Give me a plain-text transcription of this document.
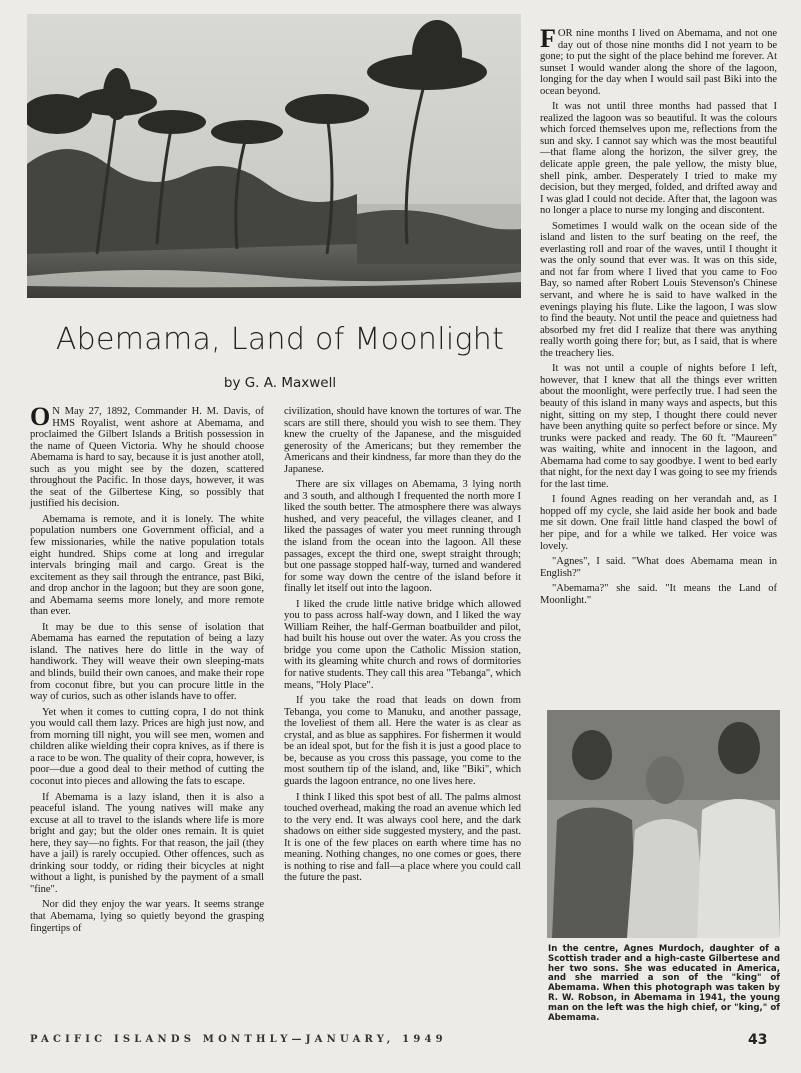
Abemama, Land of Moonlight
by G. A. Maxwell

O N May 27, 1892, Commander H. M. Davis, of HMS Royalist, went ashore at Abemama, and proclaimed the Gilbert Islands a British possession in the name of Queen Victoria. Why he should choose Abemama is hard to say, because it is just another atoll, such as you might see by the dozen, scattered throughout the Pacific. In those days, however, it was the seat of the Gilbertese King, so possibly that justified his decision.

Abemama is remote, and it is lonely. The white population numbers one Government official, and a few missionaries, while the native population totals eight hundred. Ships come at long and irregular intervals bringing mail and cargo. Great is the excitement as they sail through the entrance, past Biki, and drop anchor in the lagoon; but they are soon gone, and Abemama seems more lonely, and more remote than ever.

It may be due to this sense of isolation that Abemama has earned the reputation of being a lazy island. The natives here do little in the way of handiwork. They will weave their own sleeping-mats and blinds, build their own canoes, and make their rope from coconut fibre, but you can procure little in the way of curios, such as other islands have to offer.

Yet when it comes to cutting copra, I do not think you would call them lazy. Prices are high just now, and from morning till night, you will see men, women and children alike wielding their copra knives, as if there is a race to be won. The quality of their copra, however, is poor—due a good deal to their method of cutting the coconut into pieces and allowing the fats to escape.

If Abemama is a lazy island, then it is also a peaceful island. The young natives will make any excuse at all to travel to the islands where life is more bright and gay; but the older ones remain. It is quiet here, they say—no fights. For that reason, the jail (they have a jail) is rarely occupied. Other offences, such as drinking sour toddy, or riding their bicycles at night without a light, is punished by the payment of a small "fine".

Nor did they enjoy the war years. It seems strange that Abemama, lying so quietly beyond the grasping fingertips of

civilization, should have known the tortures of war. The scars are still there, should you wish to see them. They knew the cruelty of the Japanese, and the misguided generosity of the Americans; but they remember the Americans and their kindness, far more than they do the Japanese.

There are six villages on Abemama, 3 lying north and 3 south, and although I frequented the north more I liked the south better. The atmosphere there was always hushed, and very peaceful, the villages cleaner, and I liked the passages of water you meet running through the island from the ocean into the lagoon. All these passages, except the third one, swept straight through; but one passage stopped half-way, turned and wandered for some way down the centre of the island before it finally let itself out into the lagoon.

I liked the crude little native bridge which allowed you to pass across half-way down, and I liked the way William Reiher, the half-German boatbuilder and pilot, had built his house out over the water. As you cross the bridge you come upon the Catholic Mission station, with its gleaming white church and rows of dormitories for native students. They call this area "Tebanga", which means, "Holy Place".

If you take the road that leads on down from Tebanga, you come to Manuku, and another passage, the loveliest of them all. Here the water is as clear as crystal, and as blue as sapphires. For fishermen it would be an ideal spot, but for the fish it is just a good place to be, because as you cross this passage, you come to the most southern tip of the island, and, like "Biki", which guards the lagoon entrance, no one lives here.

I think I liked this spot best of all. The palms almost touched overhead, making the road an avenue which led to the very end. It was always cool here, and the dark shadows on either side suggested mystery, and the past. It is one of the few places on earth where time has no meaning. Nothing changes, no one comes or goes, there is nothing to rise and fall—a place where you could call the future the past.

FOR nine months I lived on Abemama, and not one day out of those nine months did I not yearn to be gone; to put the sight of the place behind me forever. At sunset I would wander along the shore of the lagoon, longing for the day when I would sail past Biki into the ocean beyond.

It was not until three months had passed that I realized the lagoon was so beautiful. It was the colours which forced themselves upon me, reflections from the sun and sky. I cannot say which was the most beautiful—that flame along the horizon, the silver grey, the delicate apple green, the pale yellow, the misty blue, shell pink, amber. Desperately I tried to make my decision, but they merged, folded, and drifted away and I was glad I could not decide. After that, the lagoon was no longer a place to nurse my longing and discontent.

Sometimes I would walk on the ocean side of the island and listen to the surf beating on the reef, the everlasting roll and roar of the waves, until I thought it was the only sound that ever was. It was on this side, and not far from where I lived that you came to Foo Bay, so named after Robert Louis Stevenson's Chinese servant, and where he is said to have walked in the evenings playing his flute. Like the lagoon, I was slow to find the beauty. Not until the peace and quietness had absorbed my fret did I realize that there was anything really worth going there for; but, as I said, that is where the treachery lies.

It was not until a couple of nights before I left, however, that I knew that all the things ever written about the moonlight, were perfectly true. I had seen the beauty of this island in many ways and aspects, but this night, sitting on my step, I thought there could never have been anything quite so perfect before or since. My trunks were packed and ready. The 60 ft. "Maureen" was waiting, white and innocent in the lagoon, and Abemama had come to say goodbye. I went to bed early that night, for the next day I was going to see my friends for the last time.

I found Agnes reading on her verandah and, as I hopped off my cycle, she laid aside her book and bade me sit down. One frail little hand clasped the bowl of her pipe, and for a while we talked. Her voice was lovely.

"Agnes", I said. "What does Abemama mean in English?"

"Abemama?" she said. "It means the Land of Moonlight."

In the centre, Agnes Murdoch, daughter of a Scottish trader and a high-caste Gilbertese and her two sons. She was educated in America, and she married a son of the "king" of Abemama. When this photograph was taken by R. W. Robson, in Abemama in 1941, the young man on the left was the high chief, or "king," of Abemama.
PACIFIC ISLANDS MONTHLY—JANUARY, 1949	43
